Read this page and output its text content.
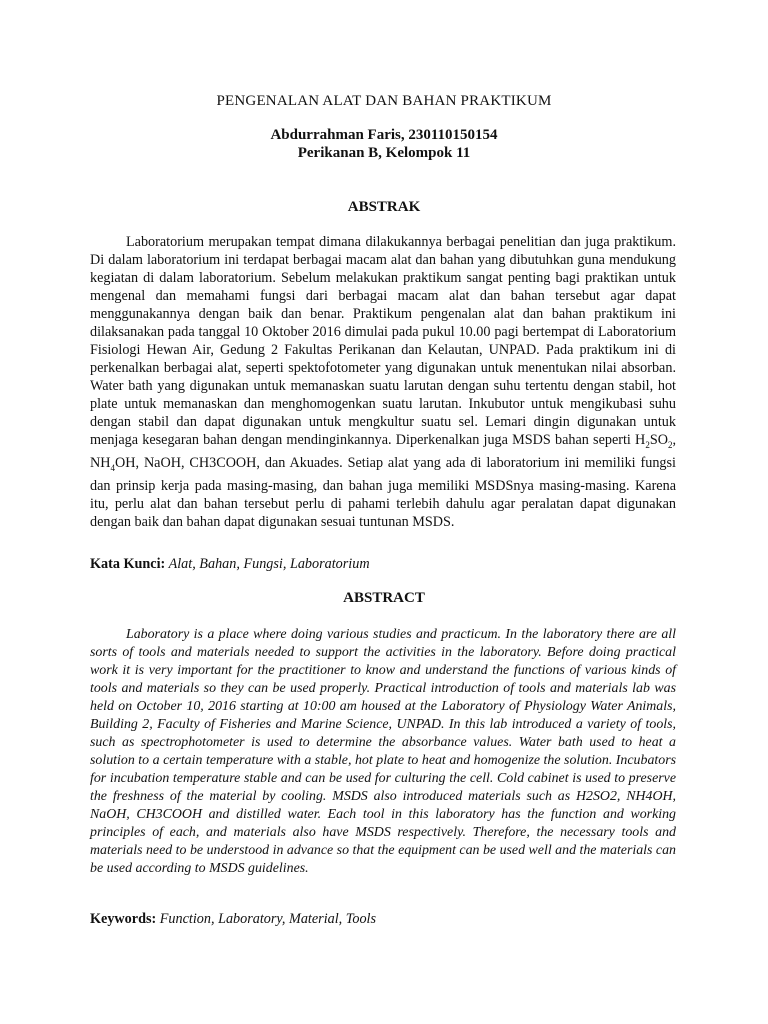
PENGENALAN ALAT DAN BAHAN PRAKTIKUM
Abdurrahman Faris, 230110150154
Perikanan B, Kelompok 11
ABSTRAK

Laboratorium merupakan tempat dimana dilakukannya berbagai penelitian dan juga praktikum. Di dalam laboratorium ini terdapat berbagai macam alat dan bahan yang dibutuhkan guna mendukung kegiatan di dalam laboratorium. Sebelum melakukan praktikum sangat penting bagi praktikan untuk mengenal dan memahami fungsi dari berbagai macam alat dan bahan tersebut agar dapat menggunakannya dengan baik dan benar. Praktikum pengenalan alat dan bahan praktikum ini dilaksanakan pada tanggal 10 Oktober 2016 dimulai pada pukul 10.00 pagi bertempat di Laboratorium Fisiologi Hewan Air, Gedung 2 Fakultas Perikanan dan Kelautan, UNPAD. Pada praktikum ini di perkenalkan berbagai alat, seperti spektofotometer yang digunakan untuk menentukan nilai absorban. Water bath yang digunakan untuk memanaskan suatu larutan dengan suhu tertentu dengan stabil, hot plate untuk memanaskan dan menghomogenkan suatu larutan. Inkubutor untuk mengikubasi suhu dengan stabil dan dapat digunakan untuk mengkultur suatu sel. Lemari dingin digunakan untuk menjaga kesegaran bahan dengan mendinginkannya. Diperkenalkan juga MSDS bahan seperti $H_2SO_2$, $NH_4OH$, NaOH, CH3COOH, dan Akuades. Setiap alat yang ada di laboratorium ini memiliki fungsi dan prinsip kerja pada masing-masing, dan bahan juga memiliki MSDSnya masing-masing. Karena itu, perlu alat dan bahan tersebut perlu di pahami terlebih dahulu agar peralatan dapat digunakan dengan baik dan bahan dapat digunakan sesuai tuntunan MSDS.

Kata Kunci: Alat, Bahan, Fungsi, Laboratorium

ABSTRACT

Laboratory is a place where doing various studies and practicum. In the laboratory there are all sorts of tools and materials needed to support the activities in the laboratory. Before doing practical work it is very important for the practitioner to know and understand the functions of various kinds of tools and materials so they can be used properly. Practical introduction of tools and materials lab was held on October 10, 2016 starting at 10:00 am housed at the Laboratory of Physiology Water Animals, Building 2, Faculty of Fisheries and Marine Science, UNPAD. In this lab introduced a variety of tools, such as spectrophotometer is used to determine the absorbance values. Water bath used to heat a solution to a certain temperature with a stable, hot plate to heat and homogenize the solution. Incubators for incubation temperature stable and can be used for culturing the cell. Cold cabinet is used to preserve the freshness of the material by cooling. MSDS also introduced materials such as H2SO2, NH4OH, NaOH, CH3COOH and distilled water. Each tool in this laboratory has the function and working principles of each, and materials also have MSDS respectively. Therefore, the necessary tools and materials need to be understood in advance so that the equipment can be used well and the materials can be used according to MSDS guidelines.

Keywords: Function, Laboratory, Material, Tools
